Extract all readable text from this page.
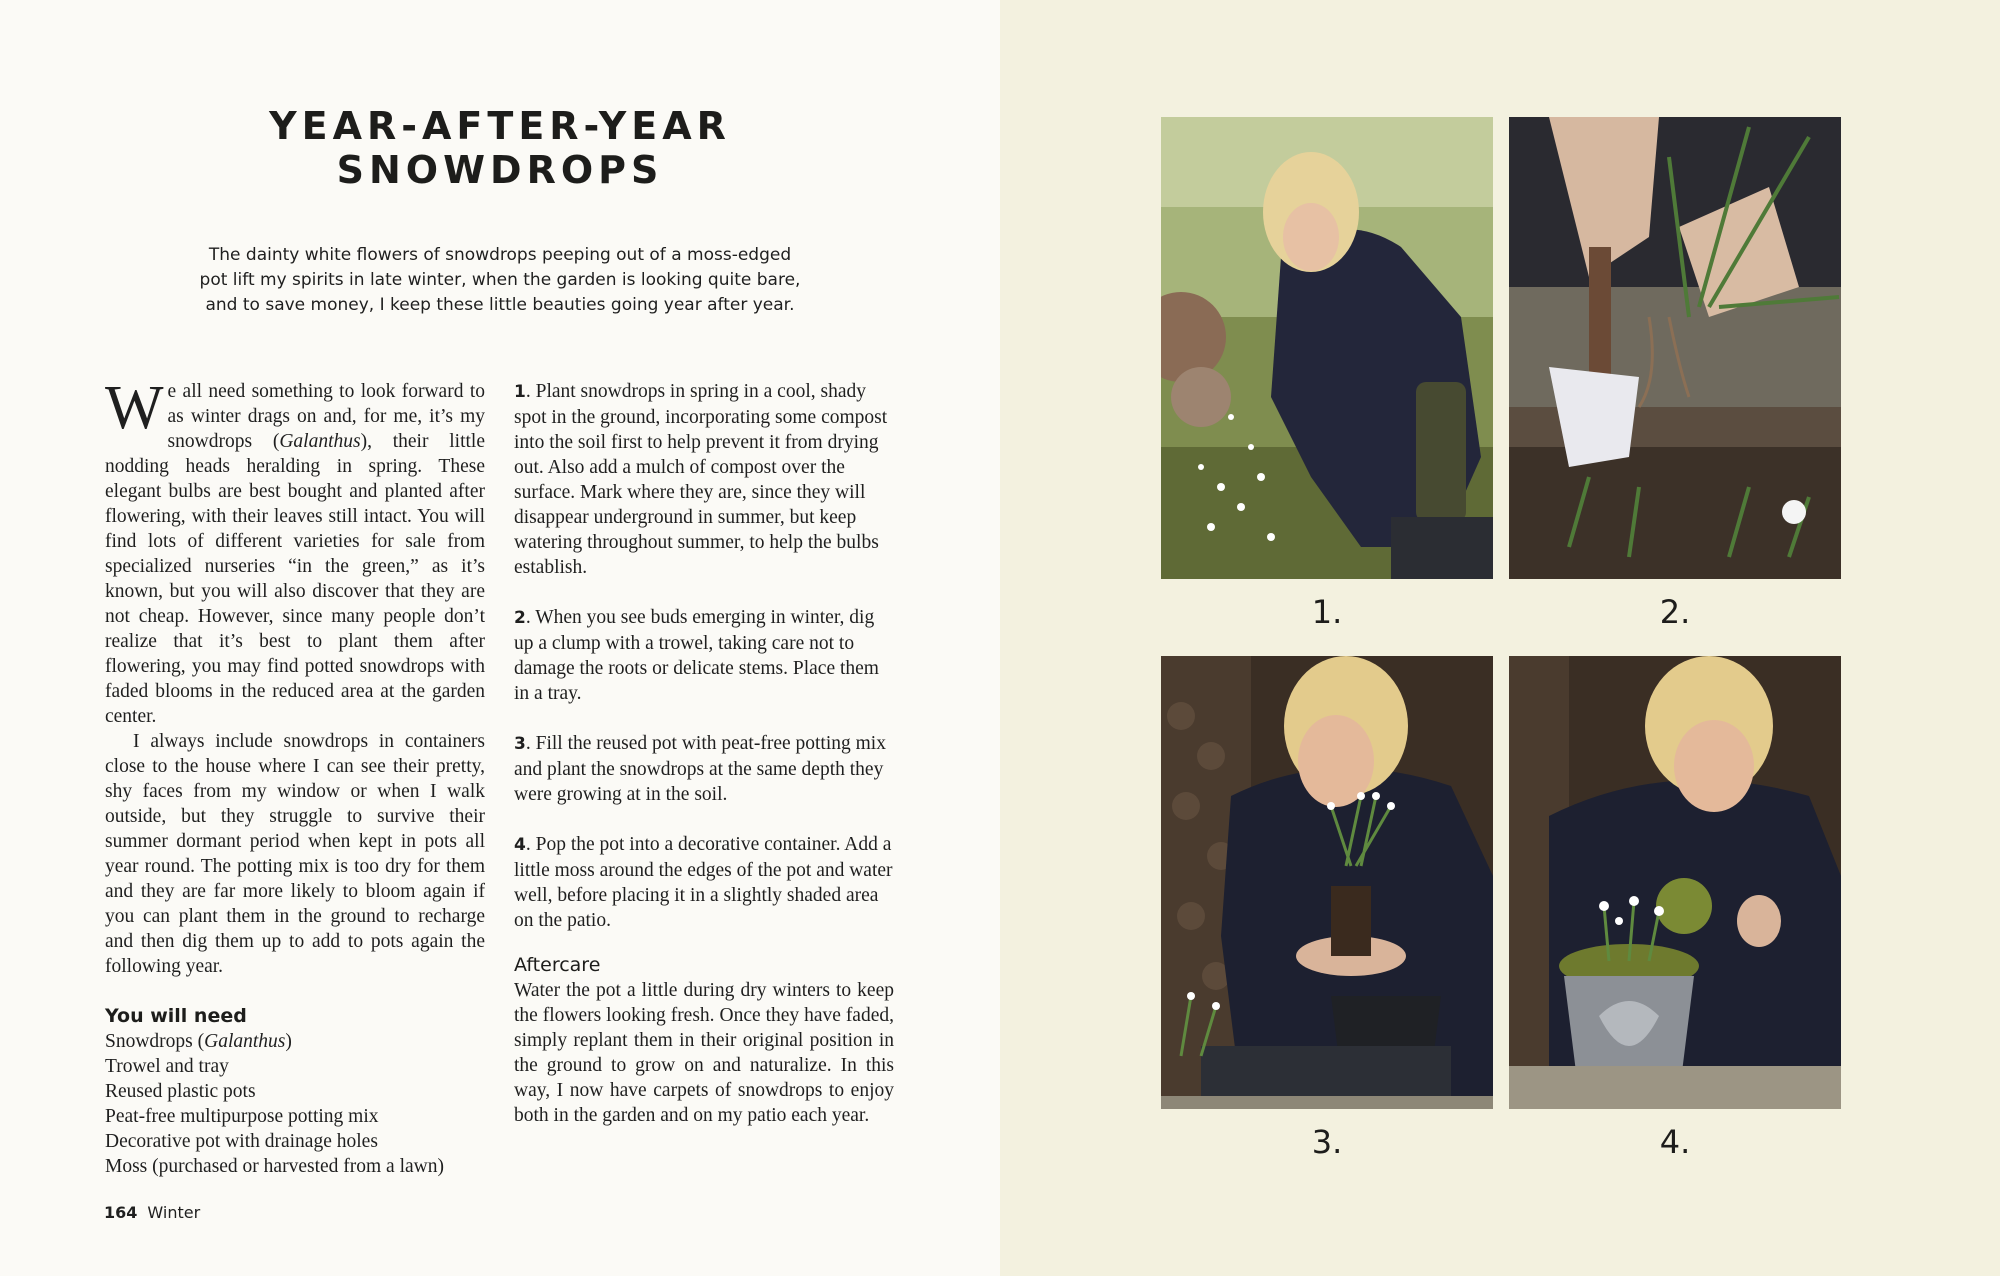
YEAR-AFTER-YEAR
SNOWDROPS
The dainty white flowers of snowdrops peeping out of a moss-edged
pot lift my spirits in late winter, when the garden is looking quite bare,
and to save money, I keep these little beauties going year after year.

We all need something to look forward to as winter drags on and, for me, it’s my snowdrops (Galanthus), their little nodding heads heralding in spring. These elegant bulbs are best bought and planted after flowering, with their leaves still intact. You will find lots of different varieties for sale from specialized nurseries “in the green,” as it’s known, but you will also discover that they are not cheap. However, since many people don’t realize that it’s best to plant them after flowering, you may find potted snowdrops with faded blooms in the reduced area at the garden center.

I always include snowdrops in containers close to the house where I can see their pretty, shy faces from my window or when I walk outside, but they struggle to survive their summer dormant period when kept in pots all year round. The potting mix is too dry for them and they are far more likely to bloom again if you can plant them in the ground to recharge and then dig them up to add to pots again the following year.

You will need
Snowdrops (Galanthus)
Trowel and tray
Reused plastic pots
Peat-free multipurpose potting mix
Decorative pot with drainage holes
Moss (purchased or harvested from a lawn)

1. Plant snowdrops in spring in a cool, shady spot in the ground, incorporating some compost into the soil first to help prevent it from drying out. Also add a mulch of compost over the surface. Mark where they are, since they will disappear underground in summer, but keep watering throughout summer, to help the bulbs establish.

2. When you see buds emerging in winter, dig up a clump with a trowel, taking care not to damage the roots or delicate stems. Place them in a tray.

3. Fill the reused pot with peat-free potting mix and plant the snowdrops at the same depth they were growing at in the soil.

4. Pop the pot into a decorative container. Add a little moss around the edges of the pot and water well, before placing it in a slightly shaded area on the patio.

Aftercare

Water the pot a little during dry winters to keep the flowers looking fresh. Once they have faded, simply replant them in their original position in the ground to grow on and naturalize. In this way, I now have carpets of snowdrops to enjoy both in the garden and on my patio each year.

164 Winter
1.	2.
3.	4.
